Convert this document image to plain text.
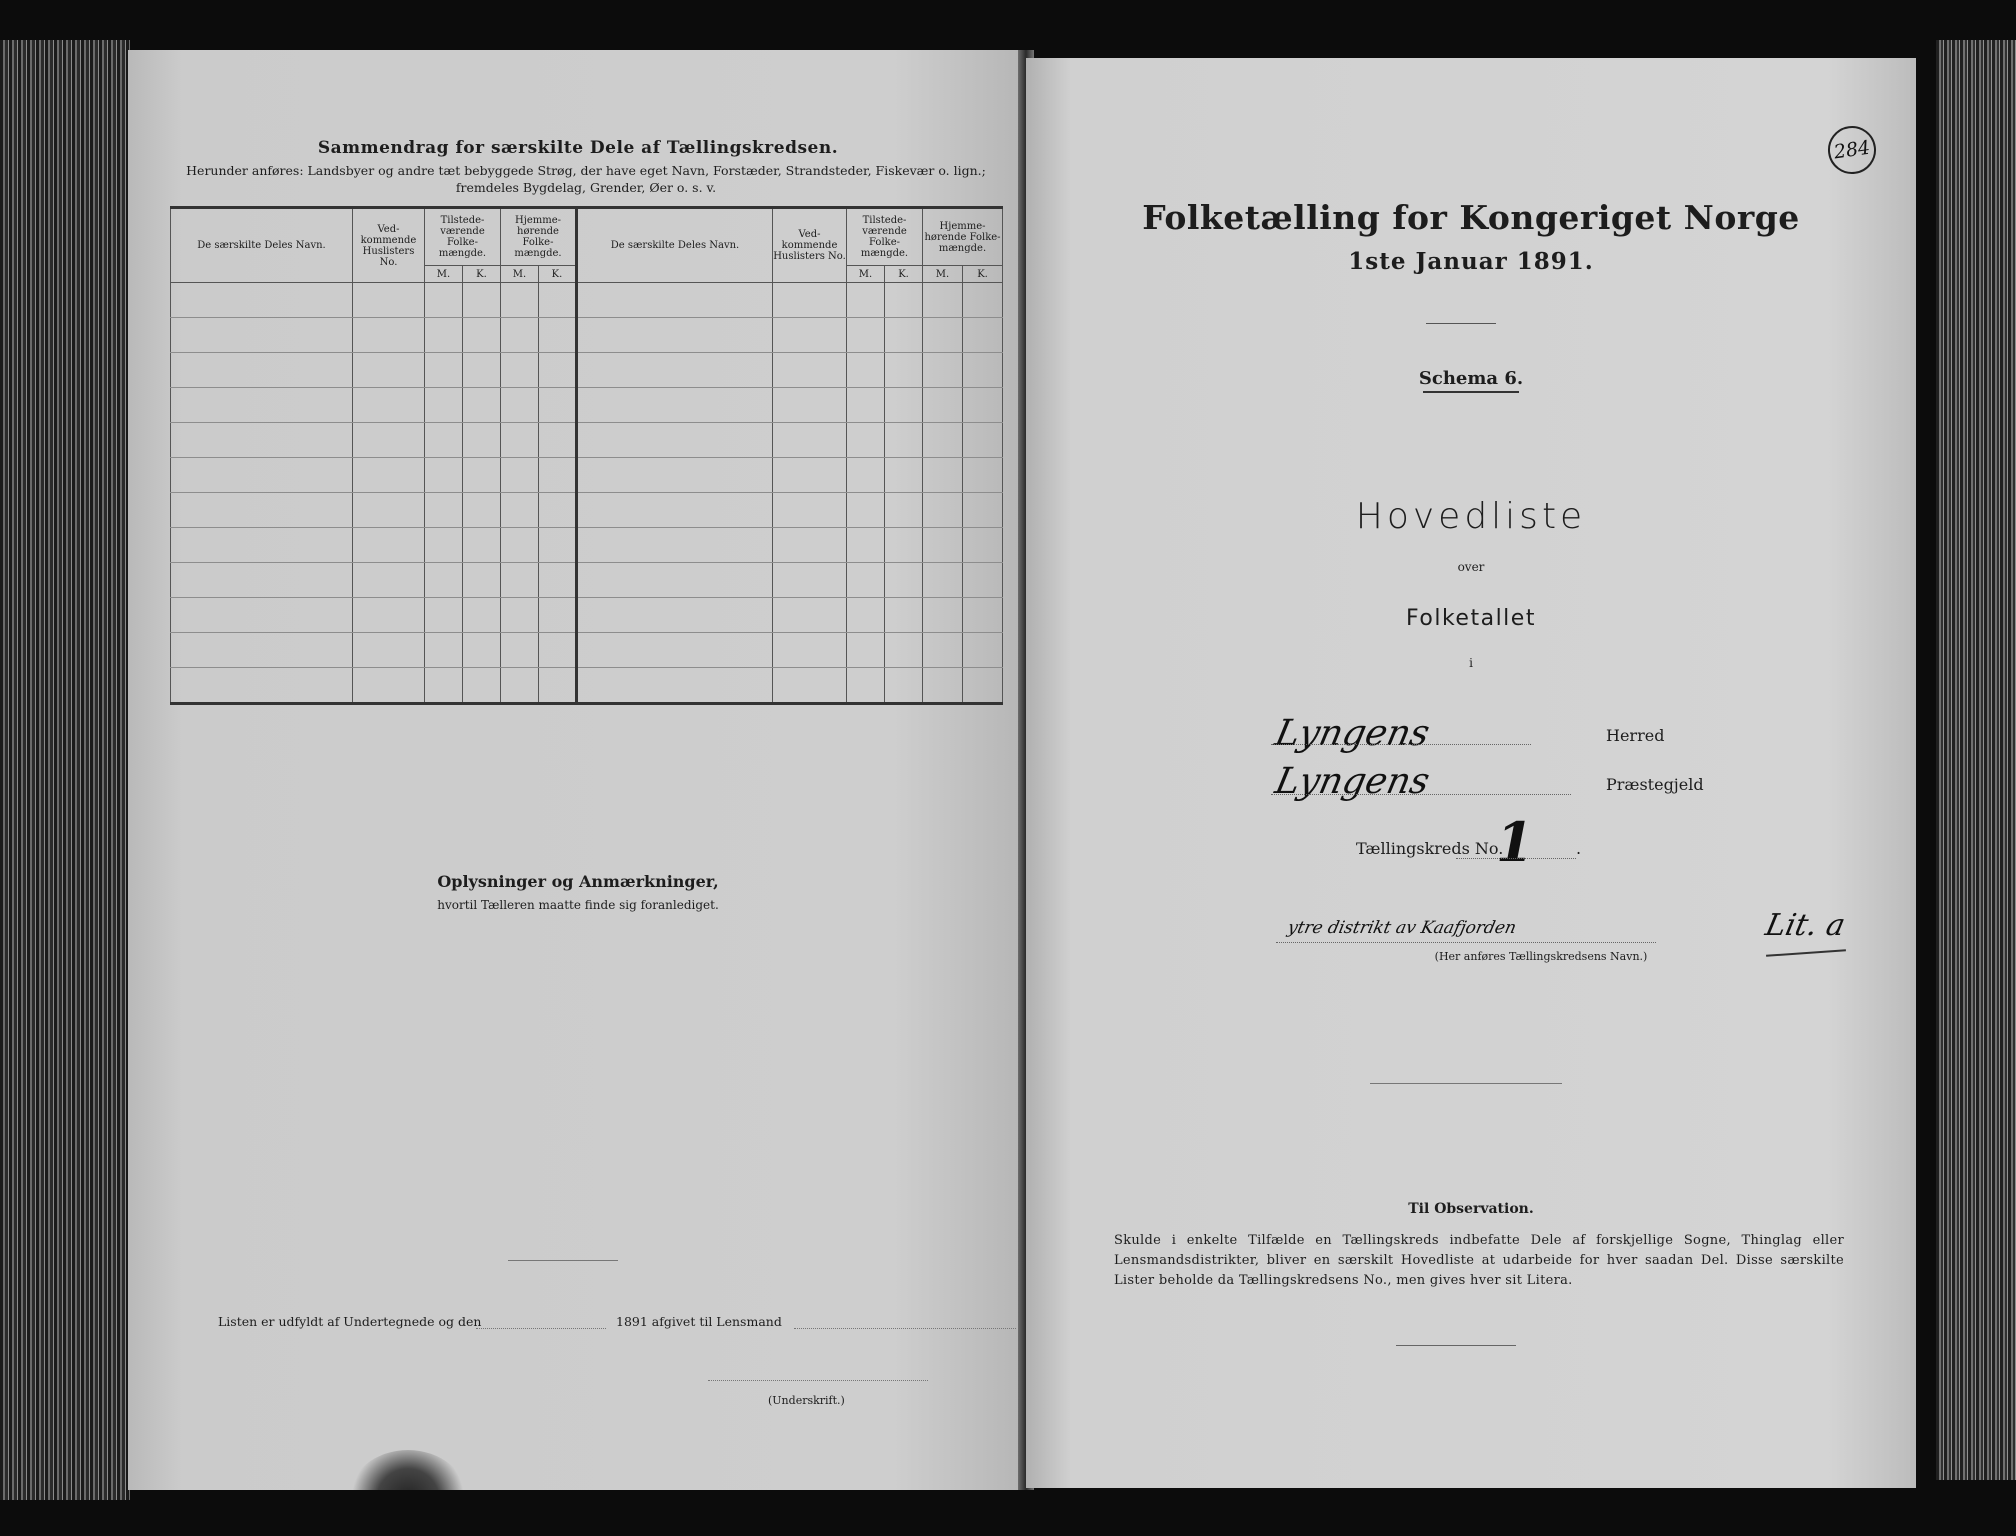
Sammendrag for særskilte Dele af Tællingskredsen.
Herunder anføres: Landsbyer og andre tæt bebyggede Strøg, der have eget Navn, Forstæder, Strandsteder, Fiskevær o. lign.;
fremdeles Bygdelag, Grender, Øer o. s. v.
De særskilte Deles Navn.	Ved-kommende Huslisters No.	Tilstede-værende Folke-mængde.		Hjemme-hørende Folke-mængde.		De særskilte Deles Navn.	Ved-kommende Huslisters No.	Tilstede-værende Folke-mængde.		Hjemme-hørende Folke-mængde.	
		M.	K.	M.	K.			M.	K.	M.	K.

Oplysninger og Anmærkninger,
hvortil Tælleren maatte finde sig foranlediget.
Listen er udfyldt af Undertegnede og den	1891 afgivet til Lensmand
(Underskrift.)
284
Folketælling for Kongeriget Norge
1ste Januar 1891.
Schema 6.
Hovedliste
over
Folketallet
i
Lyngens	Herred
Lyngens	Præstegjeld
Tællingskreds No.
1	.
ytre distrikt av Kaafjorden
(Her anføres Tællingskredsens Navn.)
Lit. a
Til Observation.
Skulde i enkelte Tilfælde en Tællingskreds indbefatte Dele af forskjellige Sogne, Thinglag eller Lensmandsdistrikter, bliver en særskilt Hovedliste at udarbeide for hver saadan Del. Disse særskilte Lister beholde da Tællingskredsens No., men gives hver sit Litera.
